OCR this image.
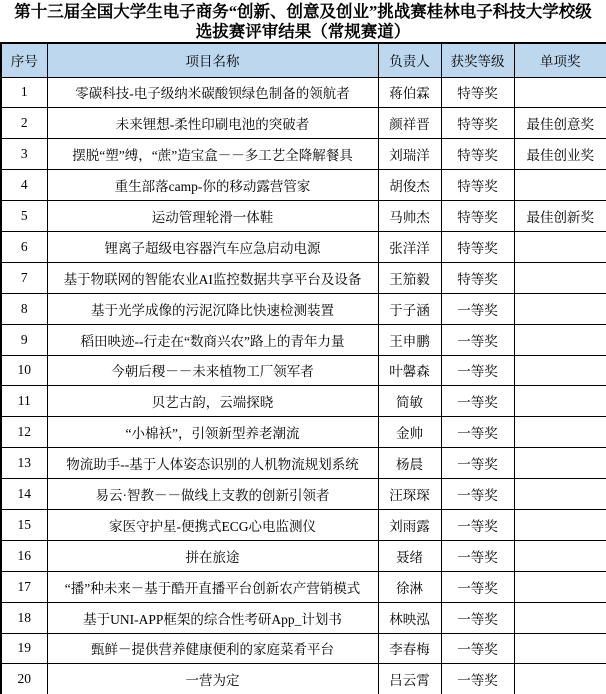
第十三届全国大学生电子商务“创新、创意及创业”挑战赛桂林电子科技大学校级
选拔赛评审结果（常规赛道）
序号	项目名称	负责人	获奖等级	单项奖
1	零碳科技-电子级纳米碳酸钡绿色制备的领航者	蒋伯霖	特等奖	
2	未来锂想-柔性印刷电池的突破者	颜祥晋	特等奖	最佳创意奖
3	摆脱“塑”缚，“蔗”造宝盒－－多工艺全降解餐具	刘瑞洋	特等奖	最佳创业奖
4	重生部落camp-你的移动露营管家	胡俊杰	特等奖	
5	运动管理轮滑一体鞋	马帅杰	特等奖	最佳创新奖
6	锂离子超级电容器汽车应急启动电源	张洋洋	特等奖	
7	基于物联网的智能农业AI监控数据共享平台及设备	王笳毅	特等奖	
8	基于光学成像的污泥沉降比快速检测装置	于子涵	一等奖	
9	稻田映迹--行走在“数商兴农”路上的青年力量	王申鹏	一等奖	
10	今朝后稷－－未来植物工厂领军者	叶馨森	一等奖	
11	贝艺古韵，云端探晓	简敏	一等奖	
12	“小棉袄”，引领新型养老潮流	金帅	一等奖	
13	物流助手--基于人体姿态识别的人机物流规划系统	杨晨	一等奖	
14	易云·智教－－做线上支教的创新引领者	汪琛琛	一等奖	
15	家医守护星-便携式ECG心电监测仪	刘雨露	一等奖	
16	拼在旅途	聂绪	一等奖	
17	“播”种未来－基于酷开直播平台创新农产营销模式	徐淋	一等奖	
18	基于UNI-APP框架的综合性考研App_计划书	林映泓	一等奖	
19	甄鲜－提供营养健康便利的家庭菜肴平台	李春梅	一等奖	
20	一营为定	吕云霄	一等奖	
